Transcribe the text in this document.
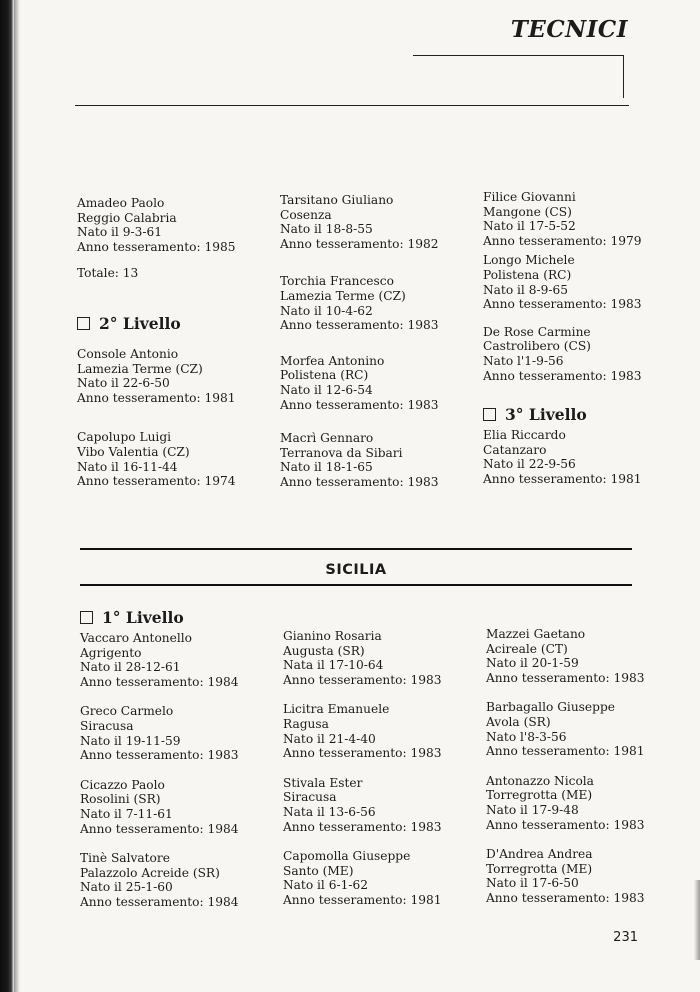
TECNICI
Amadeo Paolo
Reggio Calabria
Nato il 9-3-61
Anno tesseramento: 1985
Totale: 13
2° Livello
Console Antonio
Lamezia Terme (CZ)
Nato il 22-6-50
Anno tesseramento: 1981
Capolupo Luigi
Vibo Valentia (CZ)
Nato il 16-11-44
Anno tesseramento: 1974
Tarsitano Giuliano
Cosenza
Nato il 18-8-55
Anno tesseramento: 1982
Torchia Francesco
Lamezia Terme (CZ)
Nato il 10-4-62
Anno tesseramento: 1983
Morfea Antonino
Polistena (RC)
Nato il 12-6-54
Anno tesseramento: 1983
Macrì Gennaro
Terranova da Sibari
Nato il 18-1-65
Anno tesseramento: 1983
Filice Giovanni
Mangone (CS)
Nato il 17-5-52
Anno tesseramento: 1979
Longo Michele
Polistena (RC)
Nato il 8-9-65
Anno tesseramento: 1983
De Rose Carmine
Castrolibero (CS)
Nato l'1-9-56
Anno tesseramento: 1983
3° Livello
Elia Riccardo
Catanzaro
Nato il 22-9-56
Anno tesseramento: 1981
SICILIA
1° Livello
Vaccaro Antonello
Agrigento
Nato il 28-12-61
Anno tesseramento: 1984
Greco Carmelo
Siracusa
Nato il 19-11-59
Anno tesseramento: 1983
Cicazzo Paolo
Rosolini (SR)
Nato il 7-11-61
Anno tesseramento: 1984
Tinè Salvatore
Palazzolo Acreide (SR)
Nato il 25-1-60
Anno tesseramento: 1984
Gianino Rosaria
Augusta (SR)
Nata il 17-10-64
Anno tesseramento: 1983
Licitra Emanuele
Ragusa
Nato il 21-4-40
Anno tesseramento: 1983
Stivala Ester
Siracusa
Nata il 13-6-56
Anno tesseramento: 1983
Capomolla Giuseppe
Santo (ME)
Nato il 6-1-62
Anno tesseramento: 1981
Mazzei Gaetano
Acireale (CT)
Nato il 20-1-59
Anno tesseramento: 1983
Barbagallo Giuseppe
Avola (SR)
Nato l'8-3-56
Anno tesseramento: 1981
Antonazzo Nicola
Torregrotta (ME)
Nato il 17-9-48
Anno tesseramento: 1983
D'Andrea Andrea
Torregrotta (ME)
Nato il 17-6-50
Anno tesseramento: 1983
231
